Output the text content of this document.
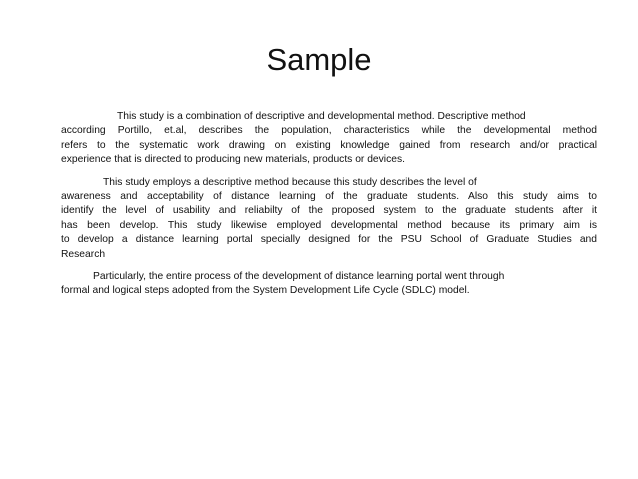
Sample

This study is a combination of descriptive and developmental method. Descriptive method
according Portillo, et.al, describes the population, characteristics while the developmental method
refers to the systematic work drawing on existing knowledge gained from research and/or practical
experience that is directed to producing new materials, products or devices.

This study employs a descriptive method because this study describes the level of
awareness and acceptability of distance learning of the graduate students. Also this study aims to
identify the level of usability and reliabilty of the proposed system to the graduate students after it
has been develop. This study likewise employed developmental method because its primary aim is
to develop a distance learning portal specially designed for the PSU School of Graduate Studies and
Research

Particularly, the entire process of the development of distance learning portal went through
formal and logical steps adopted from the System Development Life Cycle (SDLC) model.
